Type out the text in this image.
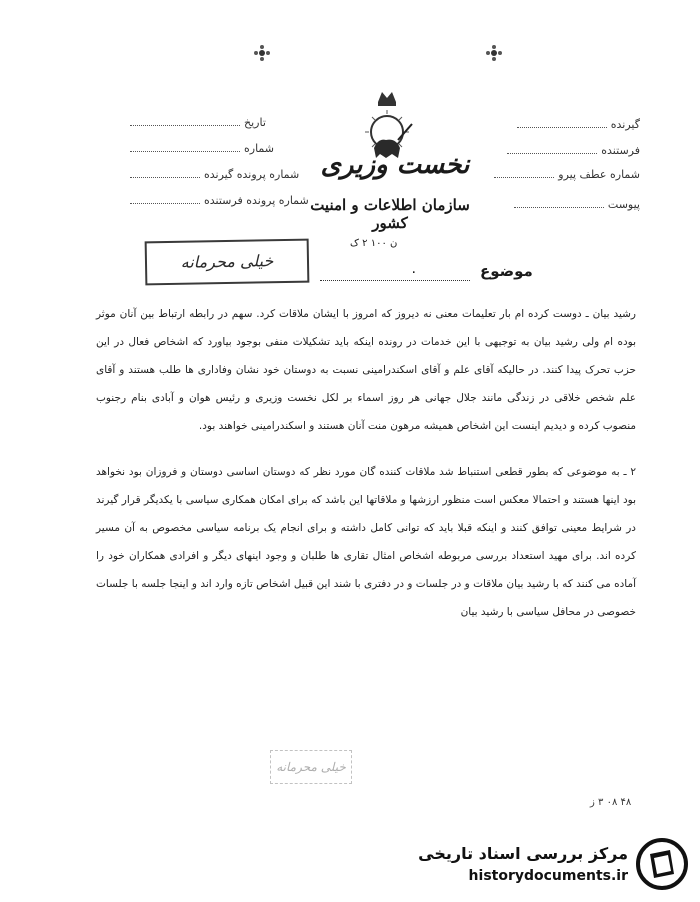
تاریخ
شماره
شماره پرونده گیرنده
شماره پرونده فرستنده
گیرنده
فرستنده
شماره عطف پیرو
پیوست
نخست وزیری
سازمان اطلاعات و امنیت کشور
ن ۱۰۰ ۲ ک
خیلی محرمانه	موضوع
۰

رشید بیان ـ دوست کرده ام بار تعلیمات معنی نه دیروز که امروز با ایشان ملاقات کرد. سهم در رابطه ارتباط بین آنان موثر بوده ام ولی رشید بیان به توجیهی با این خدمات در رونده اینکه باید تشکیلات منفی بوجود بیاورد که اشخاص فعال در این حزب تحرک پیدا کنند. در حالیکه آقای علم و آقای اسکندرامینی نسبت به دوستان خود نشان وفاداری ها طلب هستند و آقای علم شخص خلاقی در زندگی مانند جلال جهانی هر روز اسماء بر لکل نخست وزیری و رئیس هوان و آبادی بنام رجنوب منصوب کرده و دیدیم اینست این اشخاص همیشه مرهون منت آنان هستند و اسکندرامینی خواهند بود.

۲ ـ به موضوعی که بطور قطعی استنباط شد ملاقات کننده گان مورد نظر که دوستان اساسی دوستان و فروزان بود نخواهد بود اینها هستند و احتمالا معکس است منظور ارزشها و ملاقاتها این باشد که برای امکان همکاری سیاسی با یکدیگر قرار گیرند در شرایط معینی توافق کنند و اینکه قبلا باید که توانی کامل داشته و برای انجام یک برنامه سیاسی مخصوص به آن مسیر کرده اند. برای مهید استعداد بررسی مربوطه اشخاص امثال تقاری ها طلبان و وجود اینهای دیگر و افرادی همکاران خود را آماده می کنند که با رشید بیان ملاقات و در جلسات و در دفتری با شند این قبیل اشخاص تازه وارد اند و اینجا جلسه با جلسات خصوصی در محافل سیاسی با رشید بیان

خیلی محرمانه
۴۸ ۰۸ ۳ ز
مرکز بررسی اسناد تاریخی
historydocuments.ir
